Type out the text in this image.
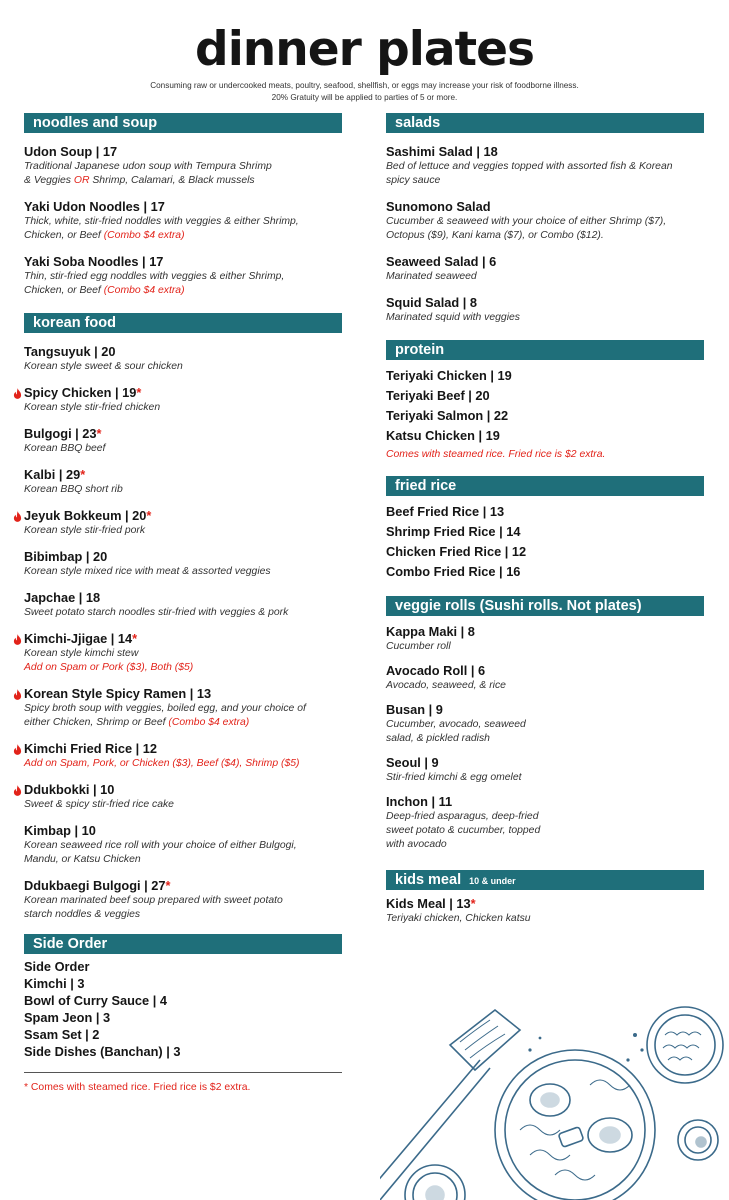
dinner plates
Consuming raw or undercooked meats, poultry, seafood, shellfish, or eggs may increase your risk of foodborne illness.
20% Gratuity will be applied to parties of 5 or more.
noodles and soup
Udon Soup | 17
Traditional Japanese udon soup with Tempura Shrimp
& Veggies OR Shrimp, Calamari, & Black mussels
Yaki Udon Noodles | 17
Thick, white, stir-fried noddles with veggies & either Shrimp,
Chicken, or Beef (Combo $4 extra)
Yaki Soba Noodles | 17
Thin, stir-fried egg noddles with veggies & either Shrimp,
Chicken, or Beef (Combo $4 extra)
korean food
Tangsuyuk | 20
Korean style sweet & sour chicken
Spicy Chicken | 19*
Korean style stir-fried chicken
Bulgogi | 23*
Korean BBQ beef
Kalbi | 29*
Korean BBQ short rib
Jeyuk Bokkeum | 20*
Korean style stir-fried pork
Bibimbap | 20
Korean style mixed rice with meat & assorted veggies
Japchae | 18
Sweet potato starch noodles stir-fried with veggies & pork
Kimchi-Jjigae | 14*
Korean style kimchi stew
Add on Spam or Pork ($3), Both ($5)
Korean Style Spicy Ramen | 13
Spicy broth soup with veggies, boiled egg, and your choice of
either Chicken, Shrimp or Beef (Combo $4 extra)
Kimchi Fried Rice | 12
Add on Spam, Pork, or Chicken ($3), Beef ($4), Shrimp ($5)
Ddukbokki | 10
Sweet & spicy stir-fried rice cake
Kimbap | 10
Korean seaweed rice roll with your choice of either Bulgogi,
Mandu, or Katsu Chicken
Ddukbaegi Bulgogi | 27*
Korean marinated beef soup prepared with sweet potato
starch noddles & veggies
Side Order
Side Order
Kimchi | 3
Bowl of Curry Sauce | 4
Spam Jeon | 3
Ssam Set | 2
Side Dishes (Banchan) | 3
* Comes with steamed rice. Fried rice is $2 extra.
salads
Sashimi Salad | 18
Bed of lettuce and veggies topped with assorted fish & Korean
spicy sauce
Sunomono Salad
Cucumber & seaweed with your choice of either Shrimp ($7),
Octopus ($9), Kani kama ($7), or Combo ($12).
Seaweed Salad | 6
Marinated seaweed
Squid Salad | 8
Marinated squid with veggies
protein
Teriyaki Chicken | 19
Teriyaki Beef | 20
Teriyaki Salmon | 22
Katsu Chicken | 19
Comes with steamed rice. Fried rice is $2 extra.
fried rice
Beef Fried Rice | 13
Shrimp Fried Rice | 14
Chicken Fried Rice | 12
Combo Fried Rice | 16
veggie rolls (Sushi rolls. Not plates)
Kappa Maki | 8
Cucumber roll
Avocado Roll | 6
Avocado, seaweed, & rice
Busan | 9
Cucumber, avocado, seaweed
salad, & pickled radish
Seoul | 9
Stir-fried kimchi & egg omelet
Inchon | 11
Deep-fried asparagus, deep-fried
sweet potato & cucumber, topped
with avocado
kids meal 10 & under
Kids Meal | 13*
Teriyaki chicken, Chicken katsu
